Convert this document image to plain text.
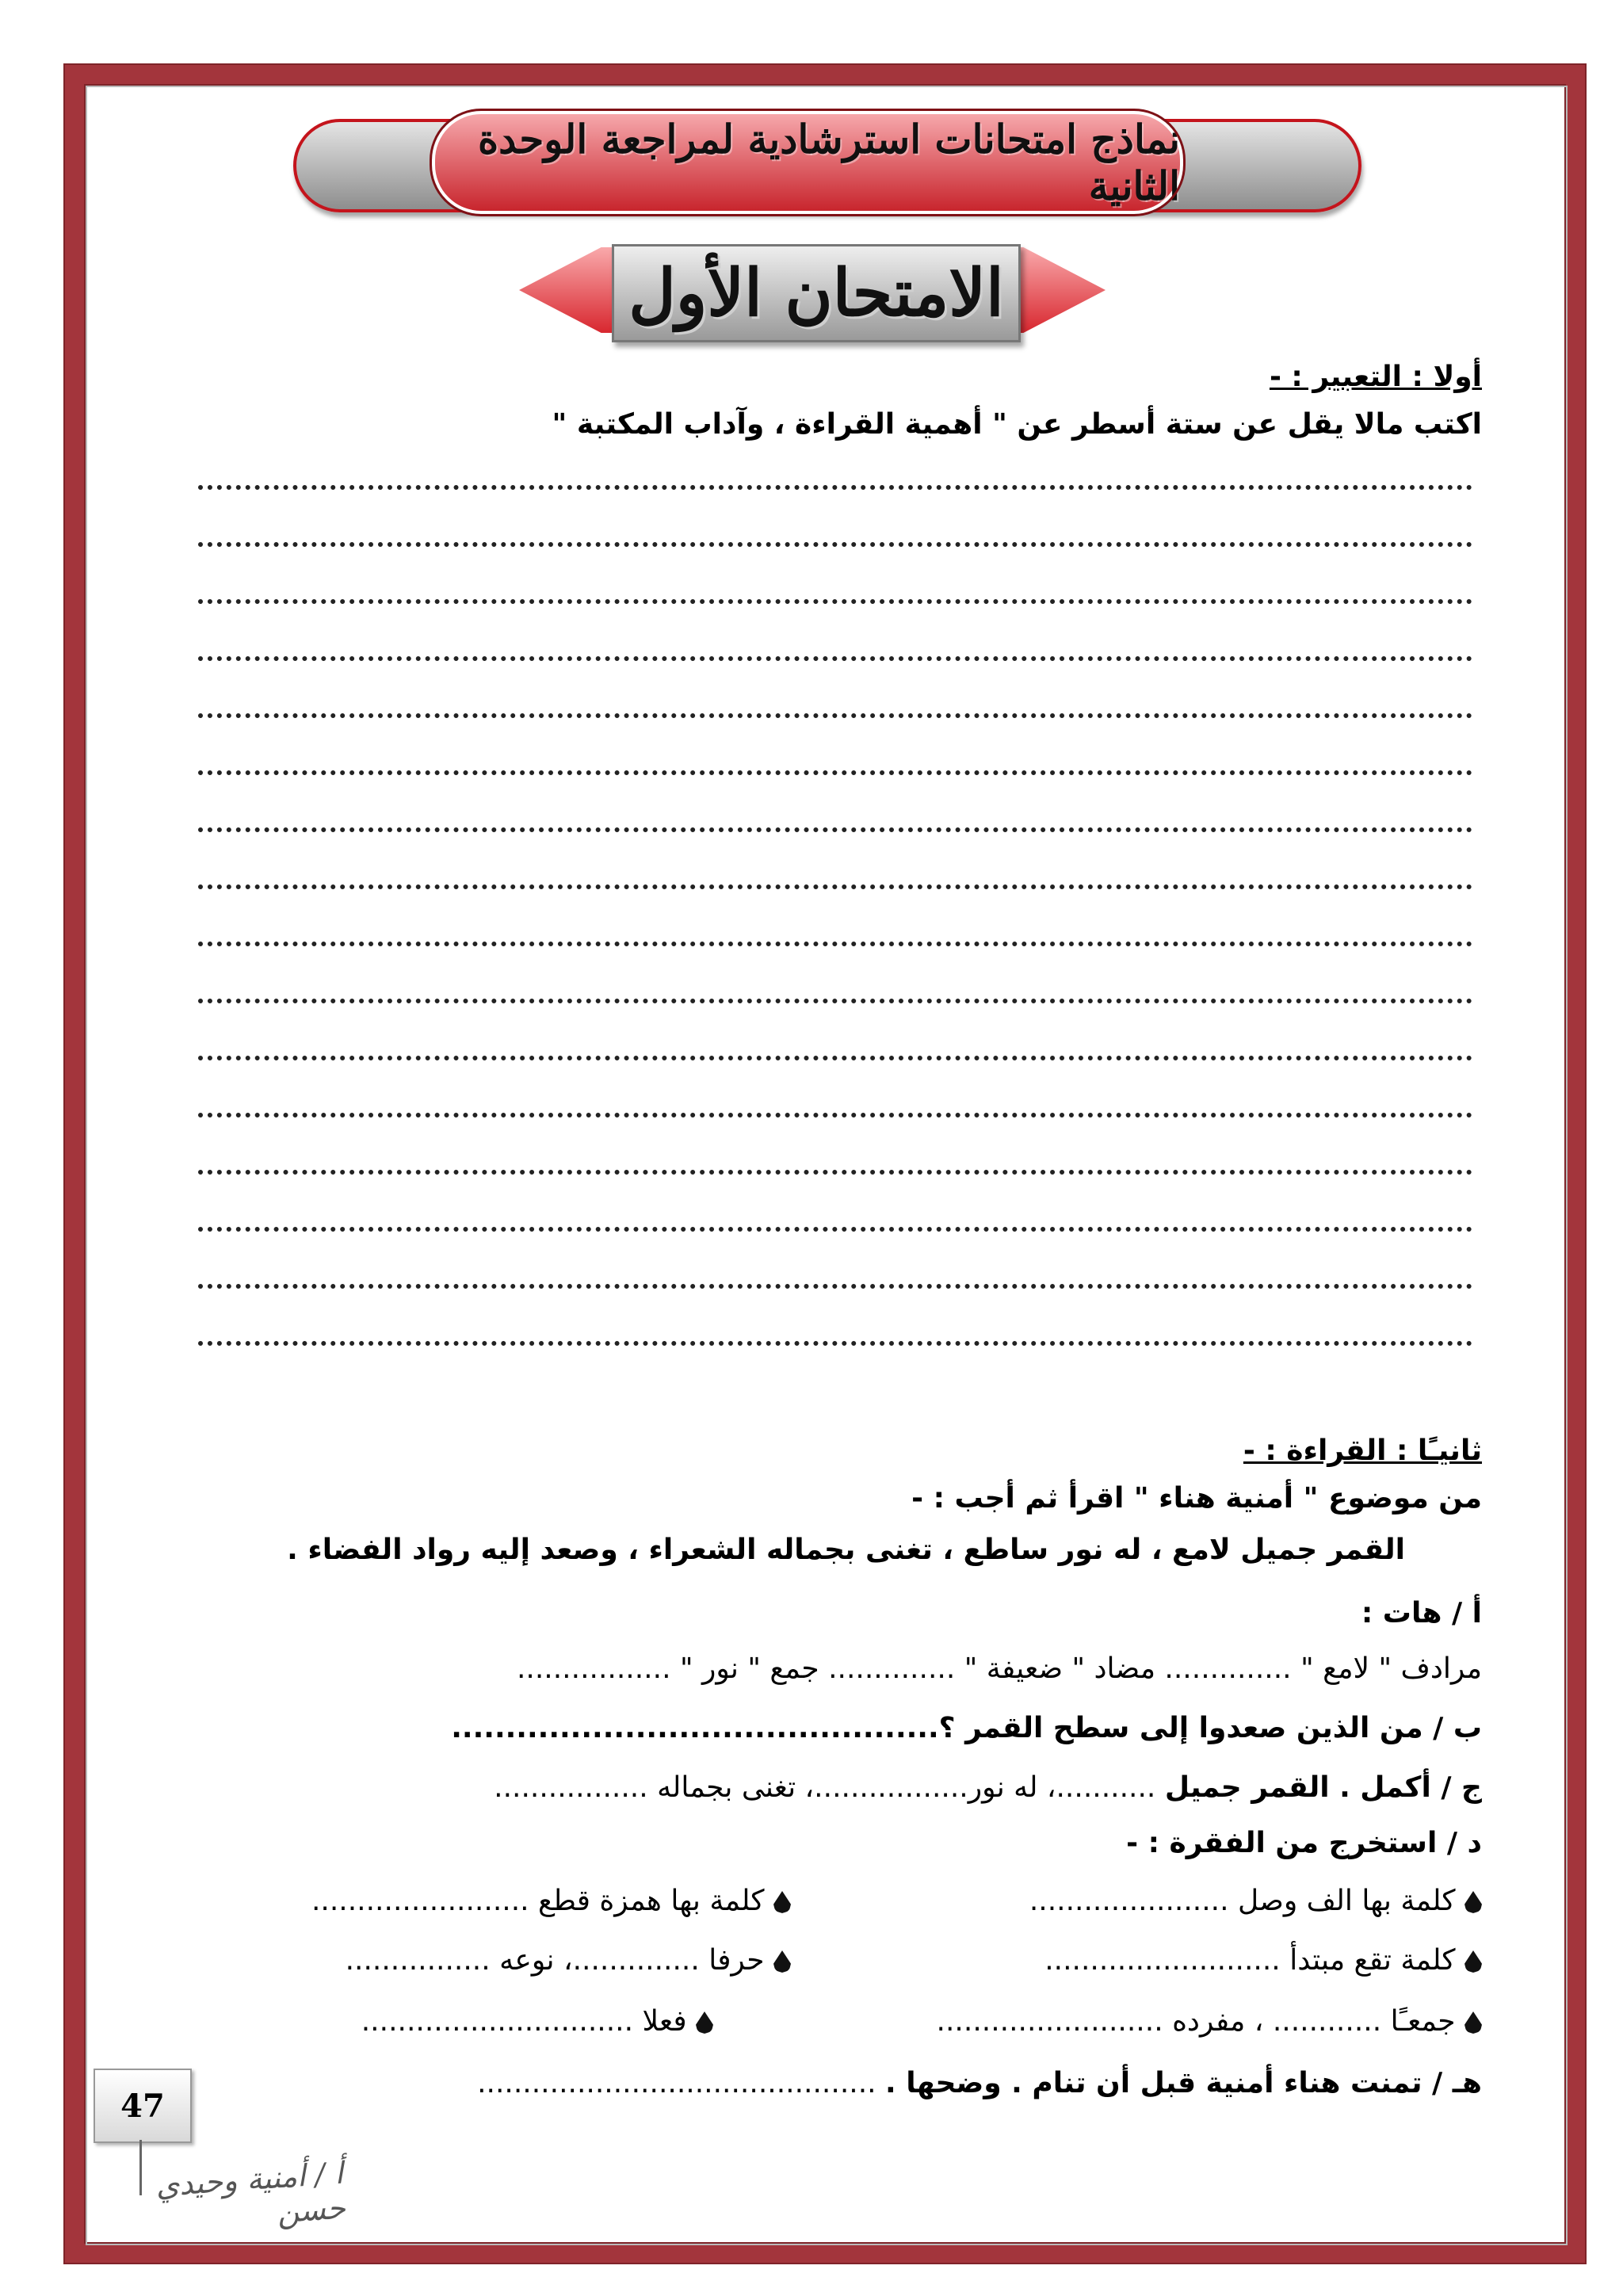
نماذج امتحانات استرشادية لمراجعة الوحدة الثانية
الامتحان الأول
أولا : التعبير : -
اكتب مالا يقل عن ستة أسطر عن " أهمية القراءة ، وآداب المكتبة "
ثانيـًا : القراءة : -
من موضوع " أمنية هناء " اقرأ ثم أجب : -
القمر جميل لامع ، له نور ساطع ، تغنى بجماله الشعراء ، وصعد إليه رواد الفضاء .
أ / هات :
مرادف " لامع " .............. مضاد " ضعيفة " .............. جمع " نور " .................
ب / من الذين صعدوا إلى سطح القمر ؟.............................................
ج / أكمل . القمر جميل ...........، له نور.................، تغنى بجماله .................
د / استخرج من الفقرة : -
كلمة بها الف وصل ......................
كلمة بها همزة قطع ........................
كلمة تقع مبتدأ ..........................
حرفا ..............، نوعه ................
جمعـًا ............ ، مفرده .........................
فعلا ..............................
هـ / تمنت هناء أمنية قبل أن تنام . وضحها . ............................................
47
أ / أمنية وحيدي حسن
